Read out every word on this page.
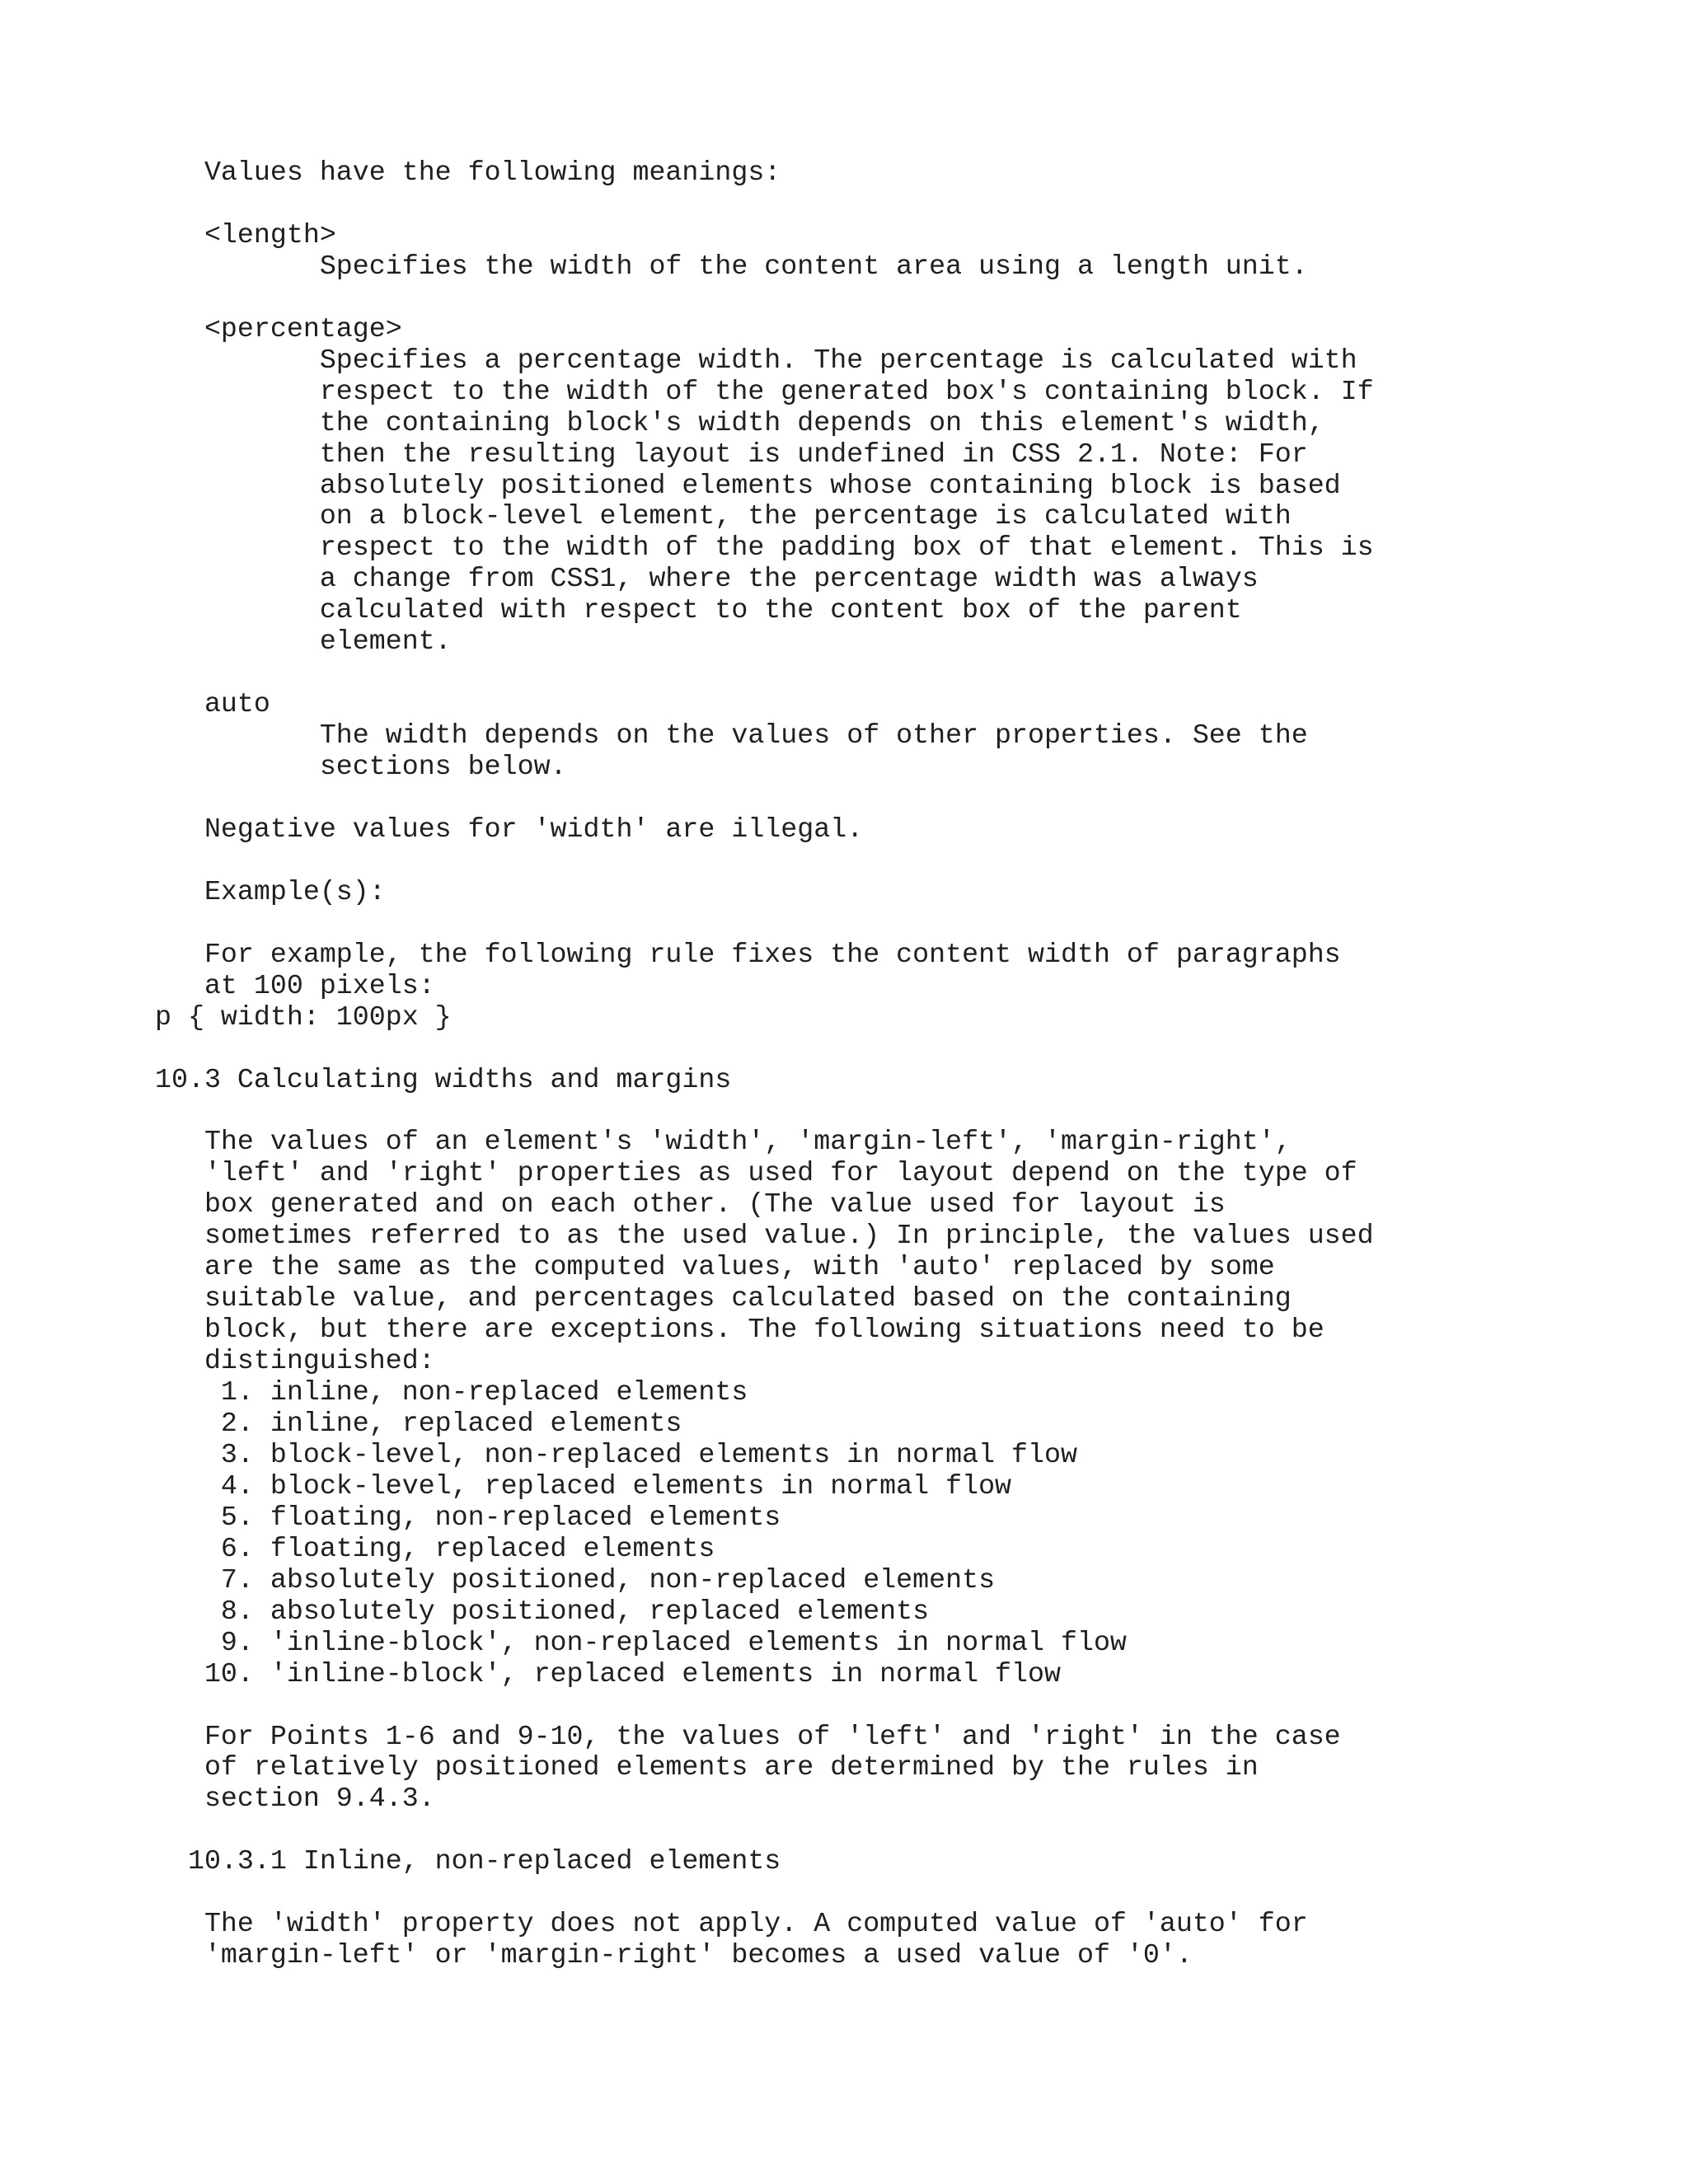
Values have the following meanings:
<length>
Specifies the width of the content area using a length unit.
<percentage>
Specifies a percentage width. The percentage is calculated with
respect to the width of the generated box's containing block. If
the containing block's width depends on this element's width,
then the resulting layout is undefined in CSS 2.1. Note: For
absolutely positioned elements whose containing block is based
on a block-level element, the percentage is calculated with
respect to the width of the padding box of that element. This is
a change from CSS1, where the percentage width was always
calculated with respect to the content box of the parent
element.
auto
The width depends on the values of other properties. See the
sections below.
Negative values for 'width' are illegal.
Example(s):
For example, the following rule fixes the content width of paragraphs
at 100 pixels:
p { width: 100px }
10.3 Calculating widths and margins
The values of an element's 'width', 'margin-left', 'margin-right',
'left' and 'right' properties as used for layout depend on the type of
box generated and on each other. (The value used for layout is
sometimes referred to as the used value.) In principle, the values used
are the same as the computed values, with 'auto' replaced by some
suitable value, and percentages calculated based on the containing
block, but there are exceptions. The following situations need to be
distinguished:
1. inline, non-replaced elements
2. inline, replaced elements
3. block-level, non-replaced elements in normal flow
4. block-level, replaced elements in normal flow
5. floating, non-replaced elements
6. floating, replaced elements
7. absolutely positioned, non-replaced elements
8. absolutely positioned, replaced elements
9. 'inline-block', non-replaced elements in normal flow
10. 'inline-block', replaced elements in normal flow
For Points 1-6 and 9-10, the values of 'left' and 'right' in the case
of relatively positioned elements are determined by the rules in
section 9.4.3.
10.3.1 Inline, non-replaced elements
The 'width' property does not apply. A computed value of 'auto' for
'margin-left' or 'margin-right' becomes a used value of '0'.
